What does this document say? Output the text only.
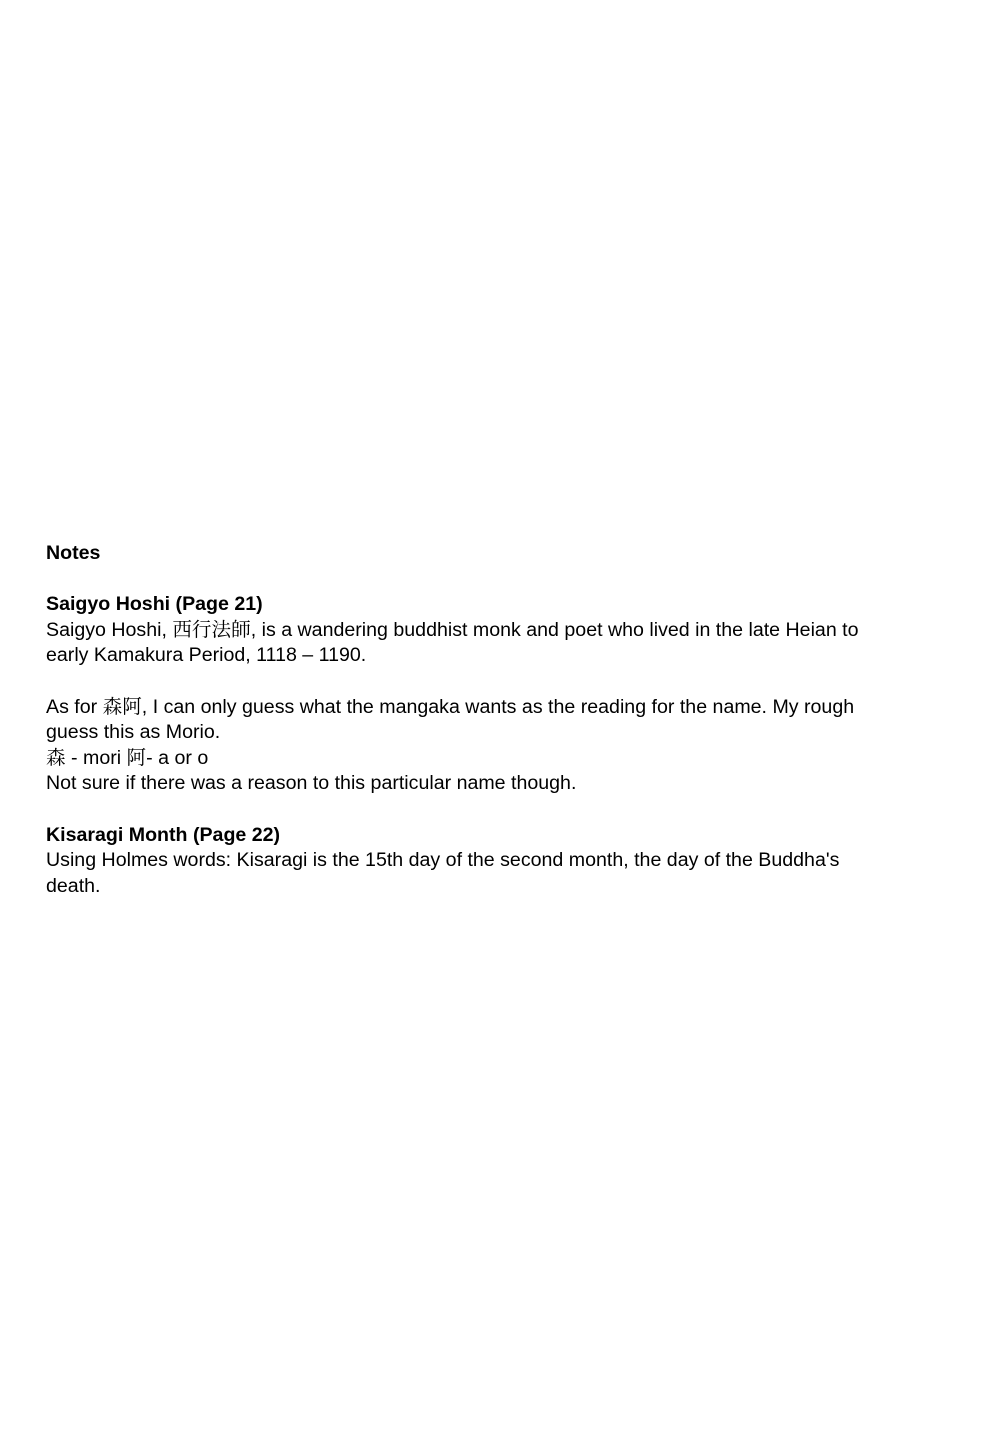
Notes

Saigyo Hoshi (Page 21)

Saigyo Hoshi, 西行法師, is a wandering buddhist monk and poet who lived in the late Heian to
early Kamakura Period, 1118 – 1190.

As for 森阿, I can only guess what the mangaka wants as the reading for the name. My rough
guess this as Morio.
森 - mori 阿- a or o
Not sure if there was a reason to this particular name though.

Kisaragi Month (Page 22)

Using Holmes words: Kisaragi is the 15th day of the second month, the day of the Buddha's
death.
